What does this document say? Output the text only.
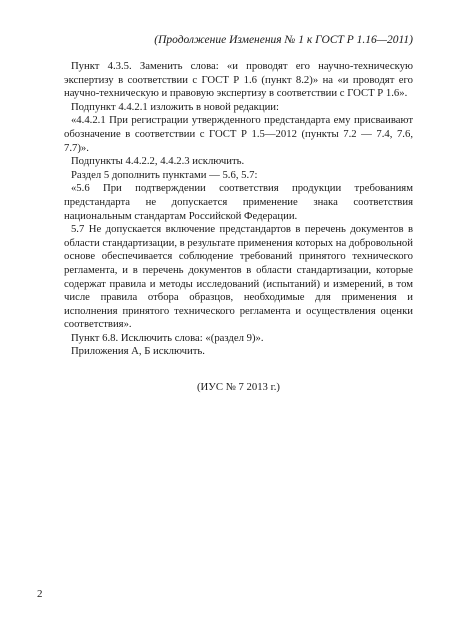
(Продолжение Изменения № 1 к ГОСТ Р 1.16—2011)

Пункт 4.3.5. Заменить слова: «и проводят его научно-техническую экспертизу в соответствии с ГОСТ Р 1.6 (пункт 8.2)» на «и проводят его научно-техническую и правовую экспертизу в соответствии с ГОСТ Р 1.6».

Подпункт 4.4.2.1 изложить в новой редакции:

«4.4.2.1 При регистрации утвержденного предстандарта ему присваивают обозначение в соответствии с ГОСТ Р 1.5—2012 (пункты 7.2 — 7.4, 7.6, 7.7)».

Подпункты 4.4.2.2, 4.4.2.3 исключить.

Раздел 5 дополнить пунктами — 5.6, 5.7:

«5.6 При подтверждении соответствия продукции требованиям предстандарта не допускается применение знака соответствия национальным стандартам Российской Федерации.

5.7 Не допускается включение предстандартов в перечень документов в области стандартизации, в результате применения которых на добровольной основе обеспечивается соблюдение требований принятого технического регламента, и в перечень документов в области стандартизации, которые содержат правила и методы исследований (испытаний) и измерений, в том числе правила отбора образцов, необходимые для применения и исполнения принятого технического регламента и осуществления оценки соответствия».

Пункт 6.8. Исключить слова: «(раздел 9)».

Приложения А, Б исключить.

(ИУС № 7 2013 г.)

2
